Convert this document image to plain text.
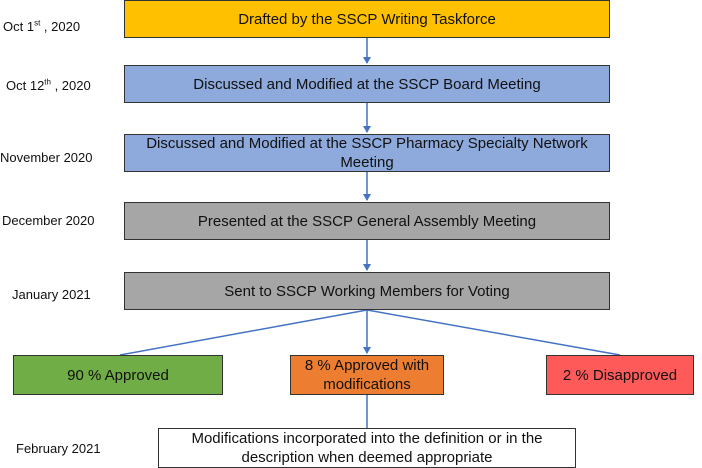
Oct 1st , 2020
Oct 12th , 2020
November 2020
December 2020
January 2021
February 2021
Drafted by the SSCP Writing Taskforce
Discussed and Modified at the SSCP Board Meeting
Discussed and Modified at the SSCP Pharmacy Specialty Network Meeting
Presented at the SSCP General Assembly Meeting
Sent to SSCP Working Members for Voting
90 % Approved
8 % Approved with modifications
2 % Disapproved
Modifications incorporated into the definition or in the description when deemed appropriate
